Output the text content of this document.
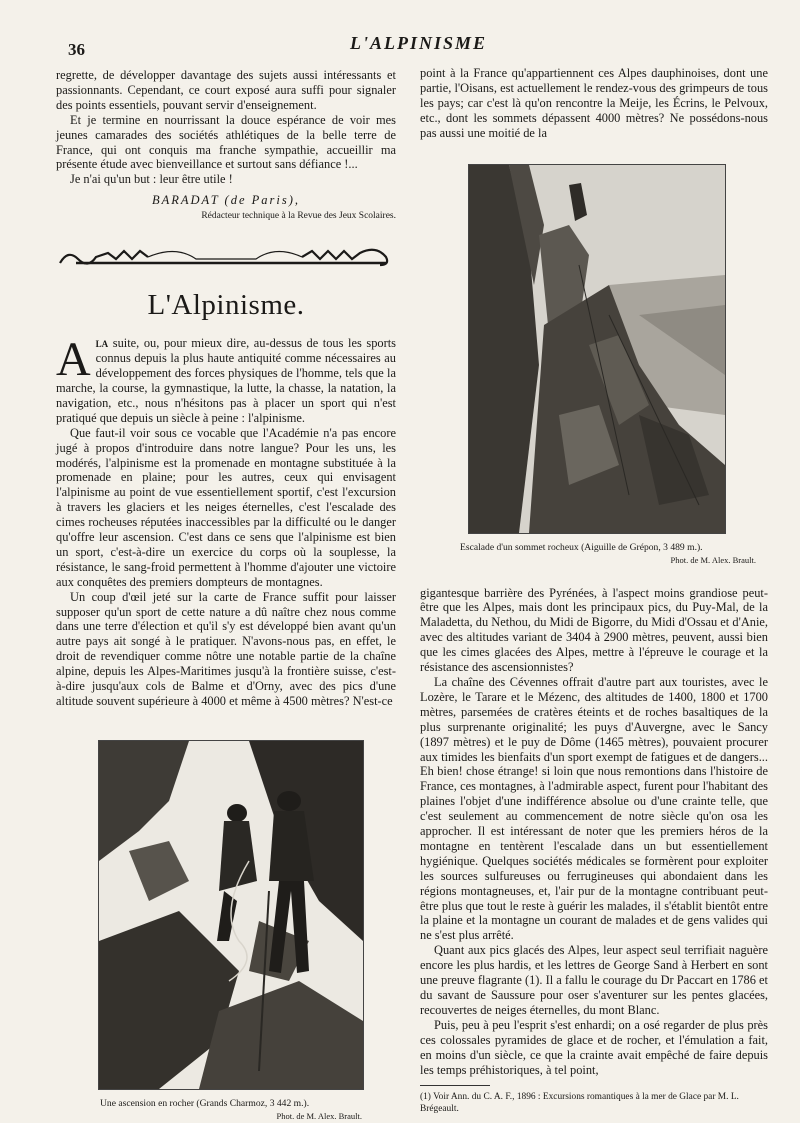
36	L'ALPINISME

regrette, de développer davantage des sujets aussi intéressants et passionnants. Cependant, ce court exposé aura suffi pour signaler des points essentiels, pouvant servir d'enseignement.

Et je termine en nourrissant la douce espérance de voir mes jeunes camarades des sociétés athlétiques de la belle terre de France, qui ont conquis ma franche sympathie, accueillir ma présente étude avec bienveillance et surtout sans défiance !...

Je n'ai qu'un but : leur être utile !

BARADAT (de Paris),
Rédacteur technique à la Revue des Jeux Scolaires.
L'Alpinisme.

Ala suite, ou, pour mieux dire, au-dessus de tous les sports connus depuis la plus haute antiquité comme nécessaires au développement des forces physiques de l'homme, tels que la marche, la course, la gymnastique, la lutte, la chasse, la natation, la navigation, etc., nous n'hésitons pas à placer un sport qui n'est pratiqué que depuis un siècle à peine : l'alpinisme.

Que faut-il voir sous ce vocable que l'Académie n'a pas encore jugé à propos d'introduire dans notre langue? Pour les uns, les modérés, l'alpinisme est la promenade en montagne substituée à la promenade en plaine; pour les autres, ceux qui envisagent l'alpinisme au point de vue essentiellement sportif, c'est l'excursion à travers les glaciers et les neiges éternelles, c'est l'escalade des cimes rocheuses réputées inaccessibles par la difficulté ou le danger qu'offre leur ascension. C'est dans ce sens que l'alpinisme est bien un sport, c'est-à-dire un exercice du corps où la souplesse, la résistance, le sang-froid permettent à l'homme d'ajouter une victoire aux conquêtes des premiers dompteurs de montagnes.

Un coup d'œil jeté sur la carte de France suffit pour laisser supposer qu'un sport de cette nature a dû naître chez nous comme dans une terre d'élection et qu'il s'y est développé bien avant qu'un autre pays ait songé à le pratiquer. N'avons-nous pas, en effet, le droit de revendiquer comme nôtre une notable partie de la chaîne alpine, depuis les Alpes-Maritimes jusqu'à la frontière suisse, c'est-à-dire jusqu'aux cols de Balme et d'Orny, avec des pics d'une altitude souvent supérieure à 4000 et même à 4500 mètres? N'est-ce

Une ascension en rocher (Grands Charmoz, 3 442 m.).
Phot. de M. Alex. Brault.

point à la France qu'appartiennent ces Alpes dauphinoises, dont une partie, l'Oisans, est actuellement le rendez-vous des grimpeurs de tous les pays; car c'est là qu'on rencontre la Meije, les Écrins, le Pelvoux, etc., dont les sommets dépassent 4000 mètres? Ne possédons-nous pas aussi une moitié de la

Escalade d'un sommet rocheux (Aiguille de Grépon, 3 489 m.).
Phot. de M. Alex. Brault.

gigantesque barrière des Pyrénées, à l'aspect moins grandiose peut-être que les Alpes, mais dont les principaux pics, du Puy-Mal, de la Maladetta, du Nethou, du Midi de Bigorre, du Midi d'Ossau et d'Anie, avec des altitudes variant de 3404 à 2900 mètres, peuvent, aussi bien que les cimes glacées des Alpes, mettre à l'épreuve le courage et la résistance des ascensionnistes?

La chaîne des Cévennes offrait d'autre part aux touristes, avec le Lozère, le Tarare et le Mézenc, des altitudes de 1400, 1800 et 1700 mètres, parsemées de cratères éteints et de roches basaltiques de la plus surprenante originalité; les puys d'Auvergne, avec le Sancy (1897 mètres) et le puy de Dôme (1465 mètres), pouvaient procurer aux timides les bienfaits d'un sport exempt de fatigues et de dangers... Eh bien! chose étrange! si loin que nous remontions dans l'histoire de France, ces montagnes, à l'admirable aspect, furent pour l'habitant des plaines l'objet d'une indifférence absolue ou d'une crainte telle, que c'est seulement au commencement de notre siècle qu'on osa les approcher. Il est intéressant de noter que les premiers héros de la montagne en tentèrent l'escalade dans un but essentiellement hygiénique. Quelques sociétés médicales se formèrent pour exploiter les sources sulfureuses ou ferrugineuses qui abondaient dans les régions montagneuses, et, l'air pur de la montagne contribuant peut-être plus que tout le reste à guérir les malades, il s'établit bientôt entre la plaine et la montagne un courant de malades et de gens valides qui ne s'est plus arrêté.

Quant aux pics glacés des Alpes, leur aspect seul terrifiait naguère encore les plus hardis, et les lettres de George Sand à Herbert en sont une preuve flagrante (1). Il a fallu le courage du Dr Paccart en 1786 et du savant de Saussure pour oser s'aventurer sur les pentes glacées, recouvertes de neiges éternelles, du mont Blanc.

Puis, peu à peu l'esprit s'est enhardi; on a osé regarder de plus près ces colossales pyramides de glace et de rocher, et l'émulation a fait, en moins d'un siècle, ce que la crainte avait empêché de faire depuis les temps préhistoriques, à tel point,

(1) Voir Ann. du C. A. F., 1896 : Excursions romantiques à la mer de Glace par M. L. Brégeault.
